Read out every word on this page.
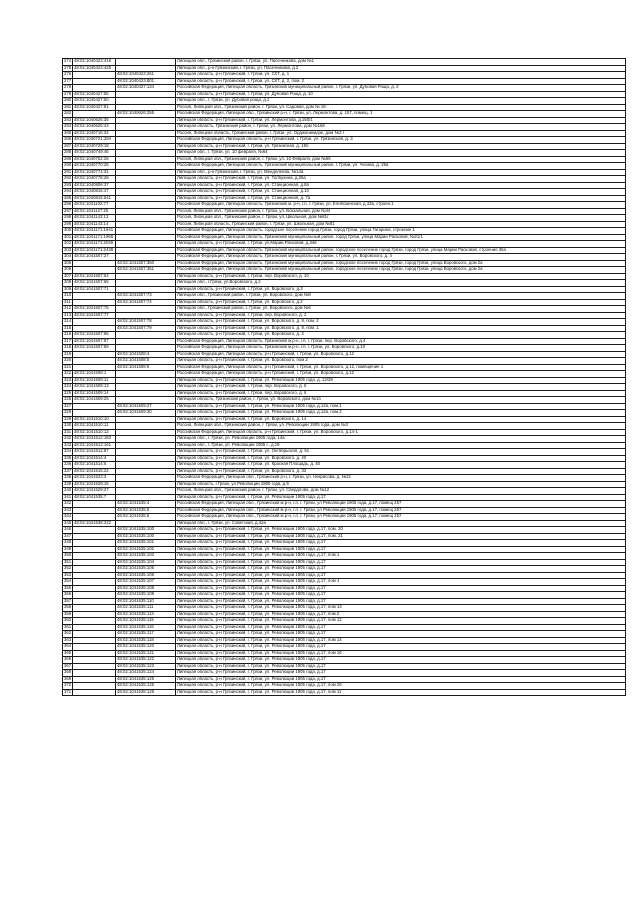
274	48:02:1040423:418		Липецкая обл., Грязинский район, г. Грязи, ул. Пасечникова, дом №1
275	48:02:1040423:425		Липецкая обл., р-н Грязинский, г. Грязи, ул. Пасечникова, д.2
276		48:02:1040423:261	Липецкая область, р-н Грязинский, г. Грязи, ул. СХТ, д. 1
277		48:02:1040423:801	Липецкая область, р-н Грязинский, г. Грязи, ул. СХТ, д. 2, пом. 2
278		48:02:1040427:134	Российская Федерация, Липецкая область, Грязинский муниципальный район, г. Грязи, ул. Дубовая Роща, д. 2
279	48:02:1040427:55		Липецкая область, р-н Грязинский, г. Грязи, ул. Дубовая Роща, д. 10
280	48:02:1040427:50		Липецкая обл., г. Грязи, ул. Дубовая роща, д.1
281	48:02:1040427:91		Россия, Липецкая обл., Грязинский район, г. Грязи, ул. Садовая, дом № 19
282		48:02:1040626:255	Российская Федерация, Липецкая обл., Грязинский р-н, г. Грязи, ул. Лермонтова, д. 157, помещ. 1
283	48:02:1040626:35		Липецкая область, р-н Грязинский, г. Грязи, ул. Лермонтова, д.150/1
284	48:02:1040626:43		Липецкая область, Грязинский район, г. Грязи, ул. Лермонтова, дом №168
285	48:02:1040716:34		Россия, Липецкая область, Грязинский район, г. Грязи, ул. Орджоникидзе, дом №2 г
286	48:02:1040721:284		Российская Федерация, Липецкая область, р-н Грязинский, г. Грязи, ул. Грязинская, д. 3
287	48:02:1040729:18		Липецкая область, р-н Грязинский, г. Грязи, ул. Грязинская, д. 15б
288	48:02:1040749:46		Липецкая обл., г. Грязи, ул. 10 февраля, №64
289	48:02:1040752:26		Россия, Липецкая обл., Грязинский район, г. Грязи, ул. 10 Февраля, дом №66
290	48:02:1040770:26		Российская Федерация, Липецкая область, Грязинский муниципальный район, г. Грязи, ул. Чехова, д. 25а
291	48:02:1040774:31		Липецкая обл., р-н Грязинский, г. Грязи, ул. Менделеева, №14а
292	48:02:1040778:28		Липецкая область, р-н Грязинский, г. Грязи, ул. Толбухина, д.25а
293	48:02:1040806:37		Липецкая область, р-н Грязинский, г. Грязи, ул. Станционная, д.8а
294	48:02:1040815:47		Липецкая область, р-н Грязинский, г. Грязи, ул. Станционная, д.10
295	48:02:1040815:541		Липецкая область, р-н Грязинский, г. Грязи, ул. Станционная, д. 7а
296	48:02:1041102:77		Российская Федерация, Липецкая область, Грязинский м. р-н, г.п. г. Грязи, ул. Елнёскинская, д.33а, строен.1
297	48:02:1041127:25		Россия, Липецкая обл., Грязинский район, г. Грязи, ул. Вокзальная, дом №44
298	48:02:1041143:13		Россия, Липецкая обл., Грязинский район, г. Грязи, ул. Школьная, дом №81г
299	48:02:1041143:14		Россия, Липецкая область, Грязинский район, г. Грязи, ул. Школьная, дом №81
300	48:02:1041171:1941		Российская Федерация, Липецкая область, городское поселение город Грязи, город Грязи, улица Гагарина, строение 1
301	48:02:1041171:1965		Российская Федерация, Липецкая область, Грязинский муниципальный район, город Грязи, улица Марии Расковой, №21/1
302	48:02:1041171:2049		Липецкая область, р-н Грязинский, г. Грязи, ул.Марии Расковой, д.34в
303	48:02:1041171:2438		Российская Федерация, Липецкая область, Грязинский муниципальный район, городское поселение город Грязи, город Грязи, улица Марии Расковой, строение 36а
304	48:02:1041507:27		Российская Федерация, Липецкая область, Грязинский муниципальный район, г. Грязи, ул. Воровского, д. 4
305		48:02:1041507:350	Российская Федерация, Липецкая область, Грязинский муниципальный район, городское поселение город Грязи, город Грязи, улица Воровского, дом 2а
306		48:02:1041507:351	Российская Федерация, Липецкая область, Грязинский муниципальный район, городское поселение город Грязи, город Грязи, улица Воровского, дом 2а
307	48:02:1041507:54		Липецкая область, р-н Грязинский, г. Грязи, пер. Воровского, д. 10
308	48:02:1041507:65		Липецкая обл., г.Грязи, ул.Воровского, д.2
309	48:02:1041507:71		Липецкая область, р-н Грязинский, г. Грязи, ул. Воровского, д.3
310		48:02:1041507:73	Липецкая обл., Грязинский район, г. Грязи, ул. Воровского, дом №8
311		48:02:1041507:74	Липецкая область, р-н Грязинский, г. Грязи, ул. Воровского, д.2
312	48:02:1041507:75		Липецкая обл., Грязинский район, г. Грязи, ул. Воровского, дом №6
313	48:02:1041507:77		Липецкая область, р-н Грязинский, г. Грязи, пер. Воровского, д. 2
314		48:02:1041507:78	Липецкая область, р-н Грязинский, г. Грязи, ул. Воровского, д. 8, пом. 2
315		48:02:1041507:79	Липецкая область, р-н Грязинский, г. Грязи, ул. Воровского, д. 8, пом. 1
316	48:02:1041507:86		Липецкая область, р-н Грязинский, г. Грязи, ул. Воровского, д. 2
317	48:02:1041507:87		Российская Федерация, Липецкая область, Грязинский м.р-н, г.п. г. Грязи, пер. Воровского, д.4
318	48:02:1041507:89		Российская Федерация, Липецкая область, Грязинский м.р-н, г.п. г. Грязи, ул. Воровского, д.10
319		48:02:1041508:4	Российская Федерация, Липецкая область, р-н Грязинский, г. Грязи, ул. Воровского, д.12
320		48:02:1041508:5	Липецкая область, р-н Грязинский, г. Грязи, ул. Воровского, пом 2
321		48:02:1041508:6	Российская Федерация, Липецкая область, р-н Грязинский, г. Грязи, ул. Воровского, д.12, помещение 1
322	48:02:1041508:1		Российская Федерация, Липецкая область, р-н Грязинский, г. Грязи, ул. Воровского, д.12
323	48:02:1041509:11		Липецкая область, р-н Грязинский, г. Грязи, ул. Революции 1905 года, д. 12/28
324	48:02:1041509:13		Липецкая область, р-н Грязинский, г. Грязи, пер. Воровского, д. 5
325	48:02:1041509:14		Липецкая область, р-н Грязинский, г. Грязи, пер. Воровского, д. 6
326	48:02:1041509:26		Липецкая область, Грязинский район, г. Грязи, ул. Воровского, дом №1б
327		48:02:1041509:27	Липецкая область, р-н Грязинский, г. Грязи, ул. Революции 1905 года, д.12а, пом.1
328		48:02:1041509:30	Липецкая область, р-н Грязинский, г. Грязи, ул. Революции 1905 года, д.12а, пом.2
329	48:02:1041510:10		Липецкая область, р-н Грязинский, г. Грязи, ул. Воровского, д. 14
330	48:02:1041510:11		Россия, Липецкая обл., Грязинский район, г. Грязи, ул. Революции 1905 года, дом №3
331	48:02:1041510:12		Российская Федерация, Липецкая область, р-н Грязинский, г. Грязи, ул. Воровского, д.14-1
332	48:02:1041512:183		Липецкая обл., г. Грязи, ул. Революции 1905 года, 14а
333	48:02:1041512:161		Липецкая обл., г. Грязи, ул. Революции 1905 г., д.19
334	48:02:1041512:87		Липецкая область, р-н Грязинский, г. Грязи, ул. Октябрьская, д. 51
335	48:02:1041514:4		Липецкая область, р-н Грязинский, г. Грязи, ул. Воровского, д. 20
336	48:02:1041514:5		Липецкая область, р-н Грязинский, г. Грязи, ул. Красная Площадь, д. 40
337	48:02:1041515:22		Липецкая область, р-н Грязинский, г. Грязи, ул. Воровского, д. 32
338	48:02:1041523:3		Российская Федерация, Липецкая обл., Грязинский р-н, г. Грязи, ул. Некрасова, д. №21
339	48:02:1041529:16		Липецкая область, г.Грязи, ул.Революции 1905 года, д.9
340	48:02:1041529:27		Россия, Липецкая обл., Грязинский район, г. Грязи, ул. Свердлова, дом №12
341	48:02:1041535:7		Липецкая область, р-н Грязинский, г. Грязи, ул. Революции 1905 года, д.17
342		48:02:1041535:4	Российская Федерация, Липецкая обл., Грязинский м.р-н, г.п. г. Грязи, ул Революции 1905 года, д.17, помещ 257
343		48:02:1041535:5	Российская Федерация, Липецкая обл., Грязинский м.р-н, г.п. г. Грязи, ул Революции 1905 года, д.17, помещ 257
344		48:02:1041535:6	Российская Федерация, Липецкая обл., Грязинский м.р-н, г.п. г. Грязи, ул Революции 1905 года, д.17, помещ 257
345	48:02:1041538:222		Липецкая обл., г. Грязи, ул. Советская, д.42а
346		48:02:1041535:100	Липецкая область, р-н Грязинский, г. Грязи, ул. Революции 1905 года, д.17, пом. 20
347		48:02:1041535:100	Липецкая область, р-н Грязинский, г. Грязи, ул. Революции 1905 года, д.17, пом. 21
348		48:02:1041535:101	Липецкая область, р-н Грязинский, г. Грязи, ул. Революции 1905 года, д.17
349		48:02:1041535:102	Липецкая область, р-н Грязинский, г. Грязи, ул. Революции 1905 года, д.17
350		48:02:1041535:103	Липецкая область, р-н Грязинский, г. Грязи, ул. Революции 1905 года, д.17, пом 1
351		48:02:1041535:104	Липецкая область, р-н Грязинский, г. Грязи, ул. Революции 1905 года, д.17
352		48:02:1041535:105	Липецкая область, р-н Грязинский, г. Грязи, ул. Революции 1905 года, д.17
353		48:02:1041535:106	Липецкая область, р-н Грязинский, г. Грязи, ул. Революции 1905 года, д.17
354		48:02:1041535:107	Липецкая область, р-н Грязинский, г. Грязи, ул. Революции 1905 года, д.17, пом 4
355		48:02:1041535:108	Липецкая область, р-н Грязинский, г. Грязи, ул. Революции 1905 года, д.17
356		48:02:1041535:109	Липецкая область, р-н Грязинский, г. Грязи, ул. Революции 1905 года, д.17
357		48:02:1041535:110	Липецкая область, р-н Грязинский, г. Грязи, ул. Революции 1905 года, д.17
358		48:02:1041535:111	Липецкая область, р-н Грязинский, г. Грязи, ул. Революции 1905 года, д.17, пом 13
359		48:02:1041535:113	Липецкая область, р-н Грязинский, г. Грязи, ул. Революции 1905 года, д.17, пом 2
360		48:02:1041535:115	Липецкая область, р-н Грязинский, г. Грязи, ул. Революции 1905 года, д.17, пом 12
361		48:02:1041535:116	Липецкая область, р-н Грязинский, г. Грязи, ул. Революции 1905 года, д.17
362		48:02:1041535:117	Липецкая область, р-н Грязинский, г. Грязи, ул. Революции 1905 года, д.17
363		48:02:1041535:118	Липецкая область, р-н Грязинский, г. Грязи, ул. Революции 1905 года, д.17, пом 14
364		48:02:1041535:120	Липецкая область, р-н Грязинский, г. Грязи, ул. Революции 1905 года, д.17
365		48:02:1041535:121	Липецкая область, р-н Грязинский, г. Грязи, ул. Революции 1905 года, д.17, пом 16
366		48:02:1041535:122	Липецкая область, р-н Грязинский, г. Грязи, ул. Революции 1905 года, д.17
367		48:02:1041535:123	Липецкая область, р-н Грязинский, г. Грязи, ул. Революции 1905 года, д.17
368		48:02:1041535:124	Липецкая область, р-н Грязинский, г. Грязи, ул. Революции 1905 года, д.17
369		48:02:1041535:125	Липецкая область, р-н Грязинский, г. Грязи, ул. Революции 1905 года, д.17
370		48:02:1041535:126	Липецкая область, р-н Грязинский, г. Грязи, ул. Революции 1905 года, д.17, пом 26
371		48:02:1041535:128	Липецкая область, р-н Грязинский, г. Грязи, ул. Революции 1905 года, д.17, пом 11
